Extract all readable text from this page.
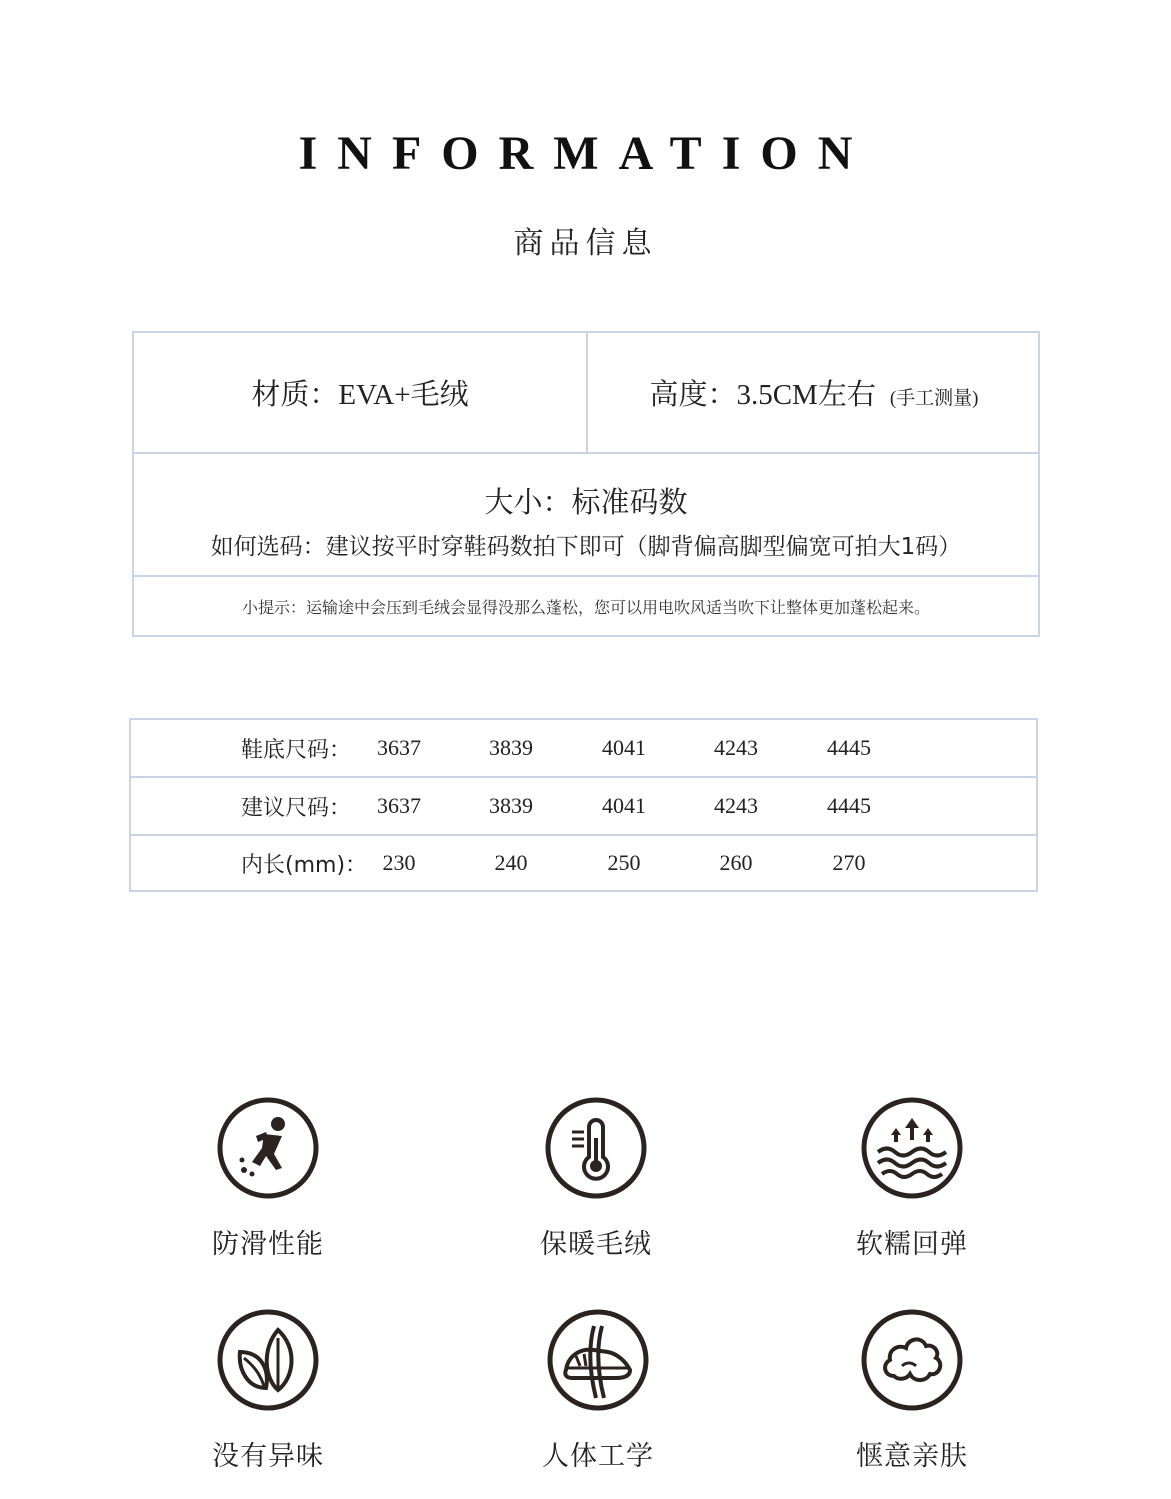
INFORMATION
商品信息
材质：EVA+毛绒	高度：3.5CM左右 (手工测量)
大小：标准码数
如何选码：建议按平时穿鞋码数拍下即可（脚背偏高脚型偏宽可拍大1码）
小提示：运输途中会压到毛绒会显得没那么蓬松，您可以用电吹风适当吹下让整体更加蓬松起来。
鞋底尺码：	3637	3839	4041	4243	4445
建议尺码：	3637	3839	4041	4243	4445
内长(mm)： 230	240	250	260	270
防滑性能	保暖毛绒	软糯回弹
没有异味	人体工学	惬意亲肤
